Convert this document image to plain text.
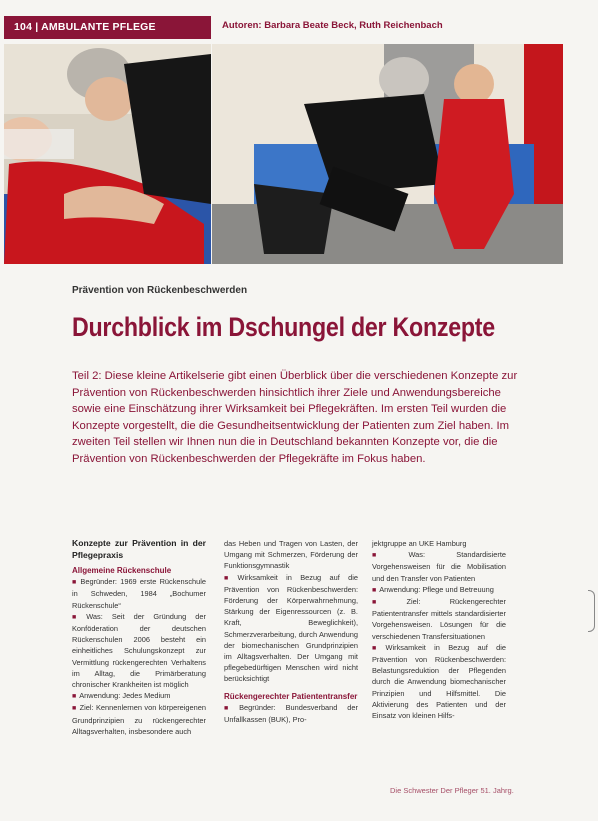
104 | AMBULANTE PFLEGE	Autoren: Barbara Beate Beck, Ruth Reichenbach
Prävention von Rückenbeschwerden
Durchblick im Dschungel der Konzepte
Teil 2: Diese kleine Artikelserie gibt einen Überblick über die verschiedenen Konzepte zur Prävention von Rückenbeschwerden hinsichtlich ihrer Ziele und Anwendungsbereiche sowie eine Einschätzung ihrer Wirksamkeit bei Pflegekräften. Im ersten Teil wurden die Konzepte vorgestellt, die die Gesundheitsentwicklung der Patienten zum Ziel haben. Im zweiten Teil stellen wir Ihnen nun die in Deutschland bekannten Konzepte vor, die die Prävention von Rückenbeschwerden der Pflegekräfte im Fokus haben.
Konzepte zur Prävention in der Pflegepraxis
Allgemeine Rückenschule
■ Begründer: 1969 erste Rückenschule in Schweden, 1984 „Bochumer Rückenschule“
■ Was: Seit der Gründung der Konföderation der deutschen Rückenschulen 2006 besteht ein einheitliches Schulungskonzept zur Vermittlung rückengerechten Verhaltens im Alltag, die Primärberatung chronischer Krankheiten ist möglich
■ Anwendung: Jedes Medium
■ Ziel: Kennenlernen von körpereigenen Grundprinzipien zu rückengerechter Alltagsverhalten, insbesondere auch
das Heben und Tragen von Lasten, der Umgang mit Schmerzen, Förderung der Funktionsgymnastik
■ Wirksamkeit in Bezug auf die Prävention von Rückenbeschwerden: Förderung der Körperwahrnehmung, Stärkung der Eigenressourcen (z. B. Kraft, Beweglichkeit), Schmerzverarbeitung, durch Anwendung der biomechanischen Grundprinzipien im Alltagsverhalten. Der Umgang mit pflegebedürftigen Menschen wird nicht berücksichtigt
Rückengerechter Patiententransfer
■ Begründer: Bundesverband der Unfallkassen (BUK), Pro-
jektgruppe an UKE Hamburg
■ Was: Standardisierte Vorgehensweisen für die Mobilisation und den Transfer von Patienten
■ Anwendung: Pflege und Betreuung
■ Ziel: Rückengerechter Patiententransfer mittels standardisierter Vorgehensweisen. Lösungen für die verschiedenen Transfersituationen
■ Wirksamkeit in Bezug auf die Prävention von Rückenbeschwerden: Belastungsreduktion der Pflegenden durch die Anwendung biomechanischer Prinzipien und Hilfsmittel. Die Aktivierung des Patienten und der Einsatz von kleinen Hilfs-
Die Schwester Der Pfleger 51. Jahrg.
